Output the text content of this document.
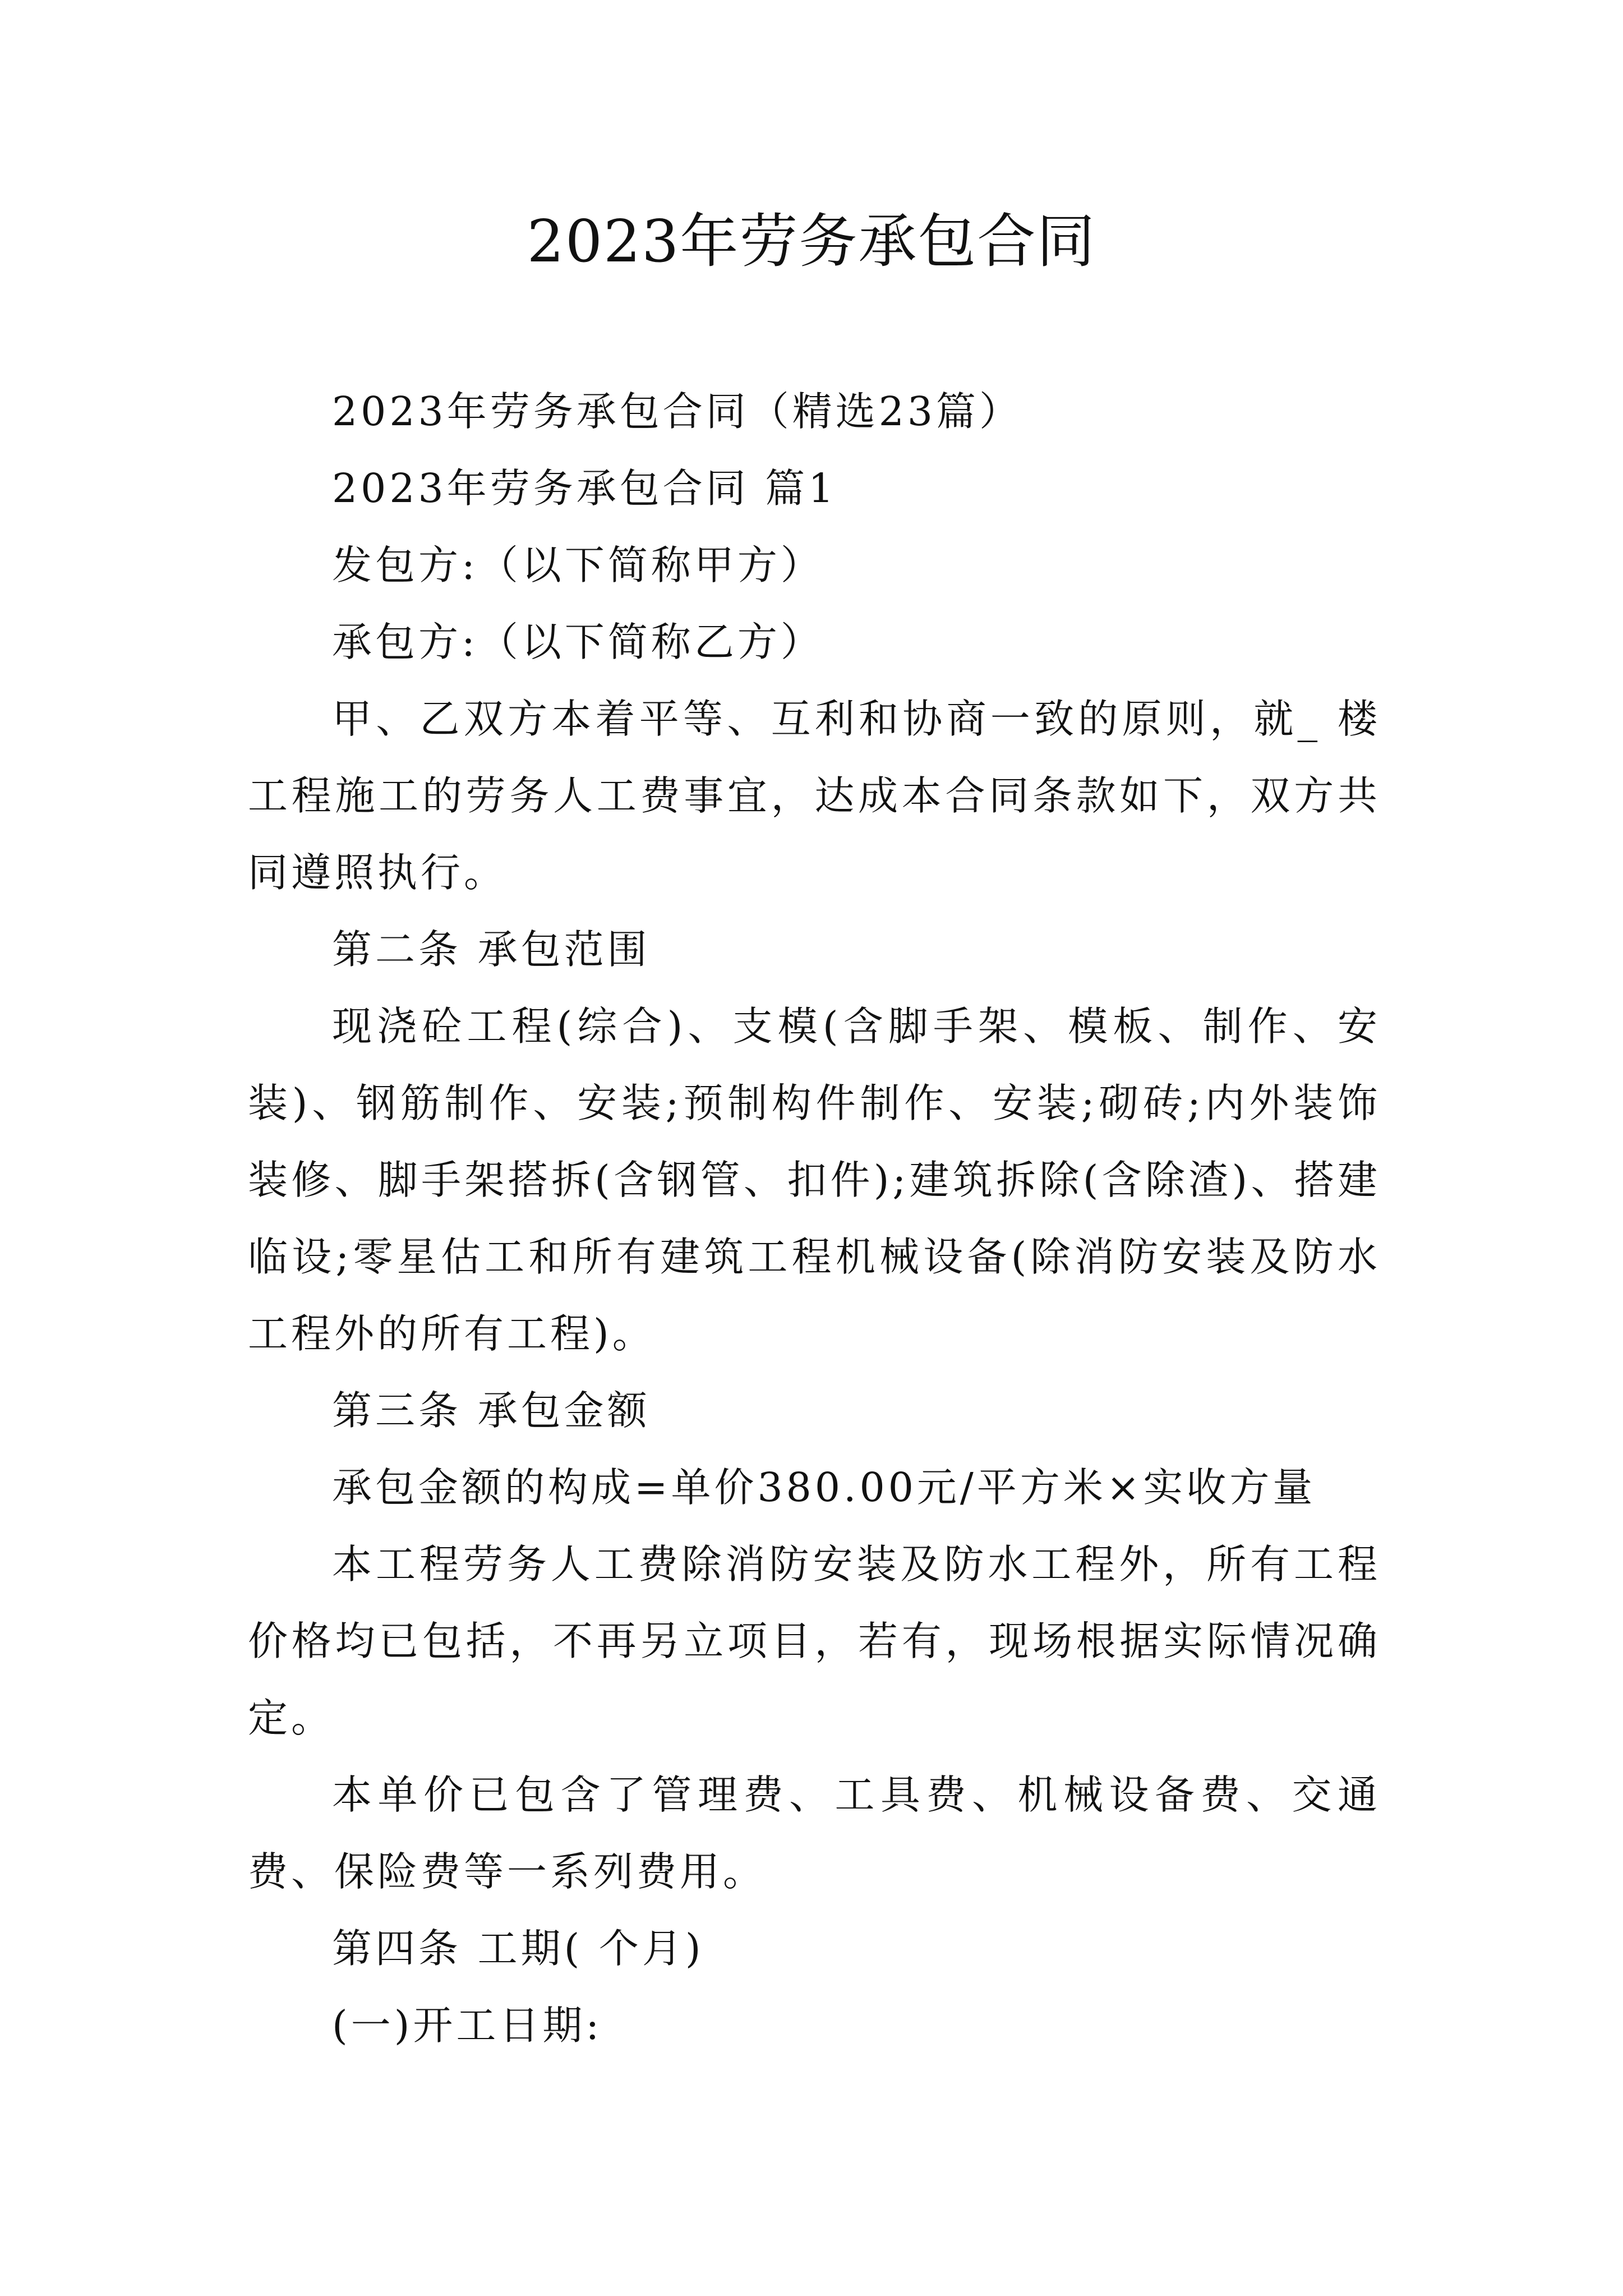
2023年劳务承包合同

2023年劳务承包合同（精选23篇）

2023年劳务承包合同 篇1

发包方:（以下简称甲方）

承包方:（以下简称乙方）

甲、乙双方本着平等、互利和协商一致的原则，就_ 楼工程施工的劳务人工费事宜，达成本合同条款如下，双方共同遵照执行。

第二条 承包范围

现浇砼工程(综合)、支模(含脚手架、模板、制作、安装)、钢筋制作、安装;预制构件制作、安装;砌砖;内外装饰装修、脚手架搭拆(含钢管、扣件);建筑拆除(含除渣)、搭建临设;零星估工和所有建筑工程机械设备(除消防安装及防水工程外的所有工程)。

第三条 承包金额

承包金额的构成=单价380.00元/平方米×实收方量

本工程劳务人工费除消防安装及防水工程外，所有工程价格均已包括，不再另立项目，若有，现场根据实际情况确定。

本单价已包含了管理费、工具费、机械设备费、交通费、保险费等一系列费用。

第四条 工期( 个月)

(一)开工日期:
